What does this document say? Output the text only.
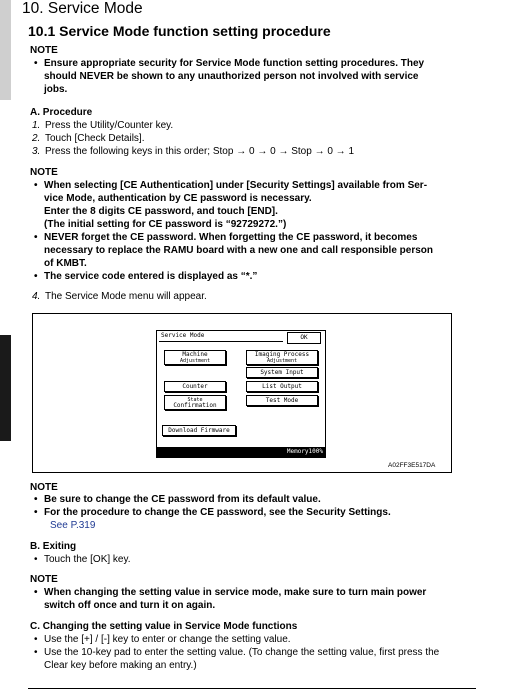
10. Service Mode
10.1 Service Mode function setting procedure
NOTE
• Ensure appropriate security for Service Mode function setting procedures. They
should NEVER be shown to any unauthorized person not involved with service
jobs.
A. Procedure
1. Press the Utility/Counter key.
2. Touch [Check Details].
3. Press the following keys in this order; Stop → 0 → 0 → Stop → 0 → 1
NOTE
• When selecting [CE Authentication] under [Security Settings] available from Ser-
vice Mode, authentication by CE password is necessary.
Enter the 8 digits CE password, and touch [END].
(The initial setting for CE password is “92729272.”)
• NEVER forget the CE password. When forgetting the CE password, it becomes
necessary to replace the RAMU board with a new one and call responsible person
of KMBT.
• The service code entered is displayed as “*.”
4. The Service Mode menu will appear.
Service Mode	OK
Machine
Adjustment
Imaging Process
Adjustment
System Input
Counter	List Output
State
Confirmation
Test Mode
Download Firmware
Memory100%
A02FF3E517DA
NOTE
• Be sure to change the CE password from its default value.
• For the procedure to change the CE password, see the Security Settings.
See P.319
B. Exiting
• Touch the [OK] key.
NOTE
• When changing the setting value in service mode, make sure to turn main power
switch off once and turn it on again.
C. Changing the setting value in Service Mode functions
• Use the [+] / [-] key to enter or change the setting value.
• Use the 10-key pad to enter the setting value. (To change the setting value, first press the
Clear key before making an entry.)
